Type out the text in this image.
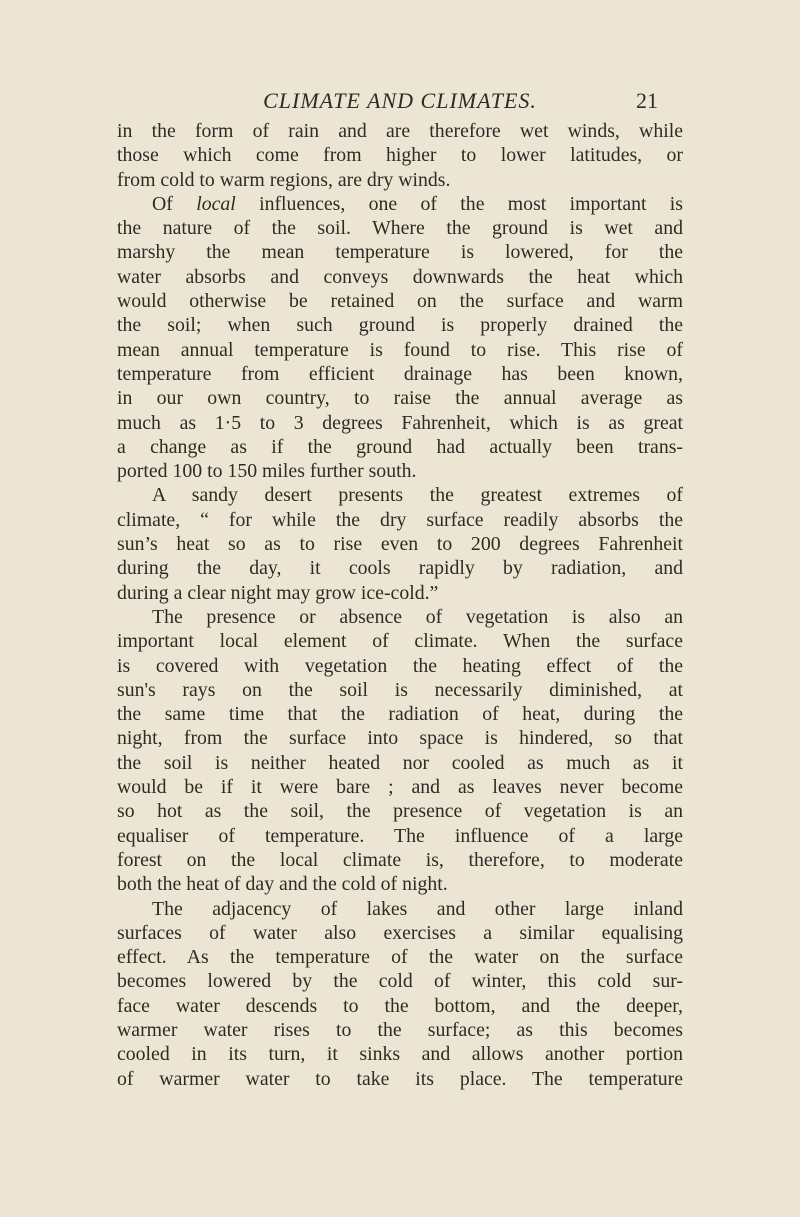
CLIMATE AND CLIMATES.	21
in the form of rain and are therefore wet winds, while
those which come from higher to lower latitudes, or
from cold to warm regions, are dry winds.
Of local influences, one of the most important is
the nature of the soil. Where the ground is wet and
marshy the mean temperature is lowered, for the
water absorbs and conveys downwards the heat which
would otherwise be retained on the surface and warm
the soil; when such ground is properly drained the
mean annual temperature is found to rise. This rise of
temperature from efficient drainage has been known,
in our own country, to raise the annual average as
much as 1·5 to 3 degrees Fahrenheit, which is as great
a change as if the ground had actually been trans-
ported 100 to 150 miles further south.
A sandy desert presents the greatest extremes of
climate, “ for while the dry surface readily absorbs the
sun’s heat so as to rise even to 200 degrees Fahrenheit
during the day, it cools rapidly by radiation, and
during a clear night may grow ice-cold.”
The presence or absence of vegetation is also an
important local element of climate. When the surface
is covered with vegetation the heating effect of the
sun's rays on the soil is necessarily diminished, at
the same time that the radiation of heat, during the
night, from the surface into space is hindered, so that
the soil is neither heated nor cooled as much as it
would be if it were bare ; and as leaves never become
so hot as the soil, the presence of vegetation is an
equaliser of temperature. The influence of a large
forest on the local climate is, therefore, to moderate
both the heat of day and the cold of night.
The adjacency of lakes and other large inland
surfaces of water also exercises a similar equalising
effect. As the temperature of the water on the surface
becomes lowered by the cold of winter, this cold sur-
face water descends to the bottom, and the deeper,
warmer water rises to the surface; as this becomes
cooled in its turn, it sinks and allows another portion
of warmer water to take its place. The temperature
